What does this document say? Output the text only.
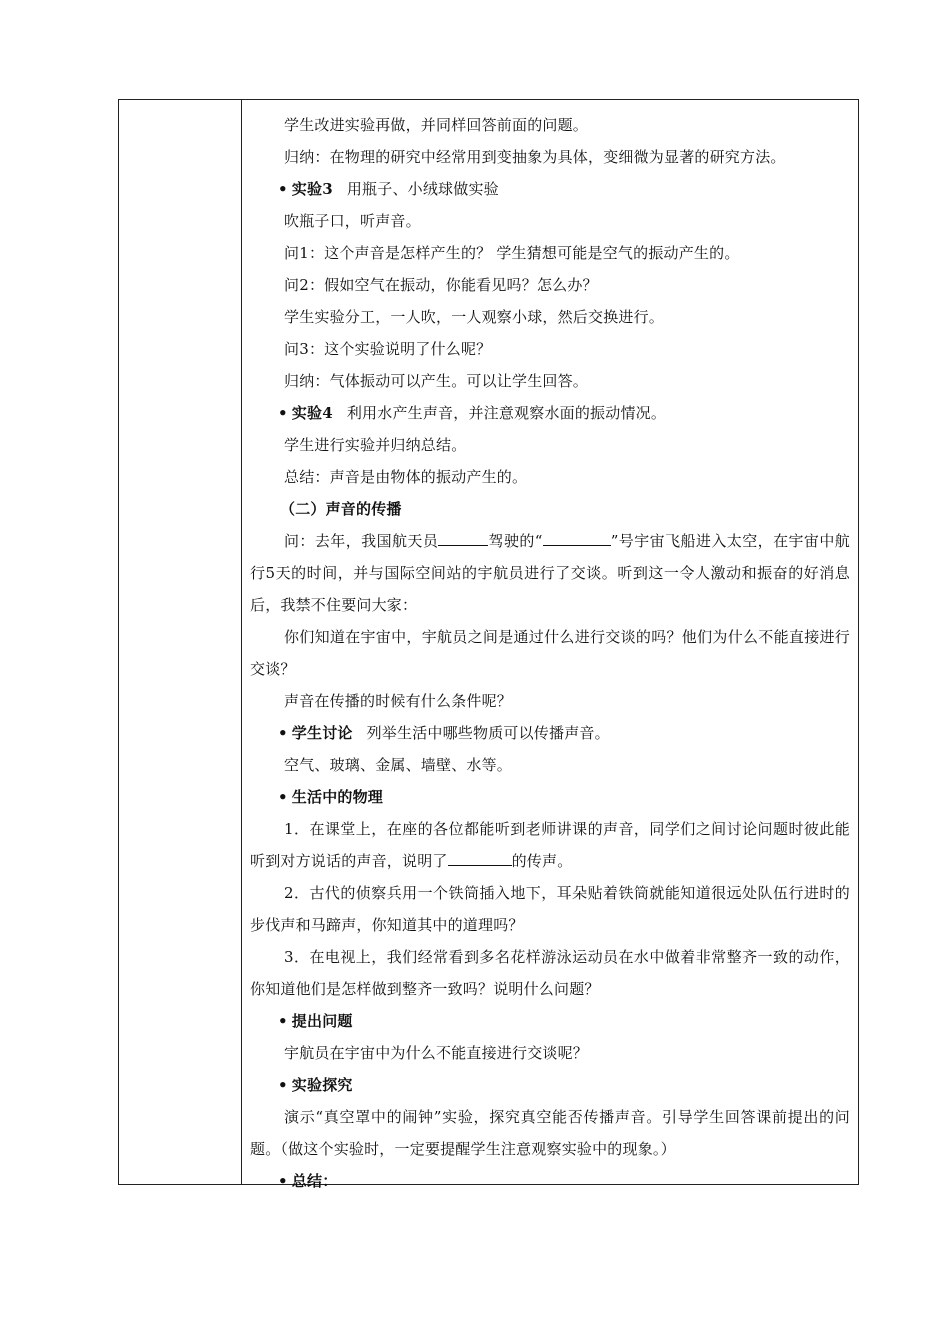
学生改进实验再做，并同样回答前面的问题。
归纳：在物理的研究中经常用到变抽象为具体，变细微为显著的研究方法。
• 实验3 用瓶子、小绒球做实验
吹瓶子口，听声音。
问1：这个声音是怎样产生的？ 学生猜想可能是空气的振动产生的。
问2：假如空气在振动，你能看见吗？怎么办？
学生实验分工，一人吹，一人观察小球，然后交换进行。
问3：这个实验说明了什么呢？
归纳：气体振动可以产生。可以让学生回答。
• 实验4 利用水产生声音，并注意观察水面的振动情况。
学生进行实验并归纳总结。
总结：声音是由物体的振动产生的。
（二）声音的传播

问：去年，我国航天员	驾驶的“	”号宇宙飞船进入太空，在宇宙中航行5天的时间，并与国际空间站的宇航员进行了交谈。听到这一令人激动和振奋的好消息后，我禁不住要问大家：

你们知道在宇宙中，宇航员之间是通过什么进行交谈的吗？他们为什么不能直接进行交谈？

声音在传播的时候有什么条件呢？
• 学生讨论 列举生活中哪些物质可以传播声音。
空气、玻璃、金属、墙壁、水等。
• 生活中的物理

1．在课堂上，在座的各位都能听到老师讲课的声音，同学们之间讨论问题时彼此能听到对方说话的声音，说明了	的传声。

2．古代的侦察兵用一个铁筒插入地下，耳朵贴着铁筒就能知道很远处队伍行进时的步伐声和马蹄声，你知道其中的道理吗？

3．在电视上，我们经常看到多名花样游泳运动员在水中做着非常整齐一致的动作，你知道他们是怎样做到整齐一致吗？说明什么问题？

• 提出问题
宇航员在宇宙中为什么不能直接进行交谈呢？
• 实验探究

演示“真空罩中的闹钟”实验，探究真空能否传播声音。引导学生回答课前提出的问题。（做这个实验时，一定要提醒学生注意观察实验中的现象。）

• 总结：
